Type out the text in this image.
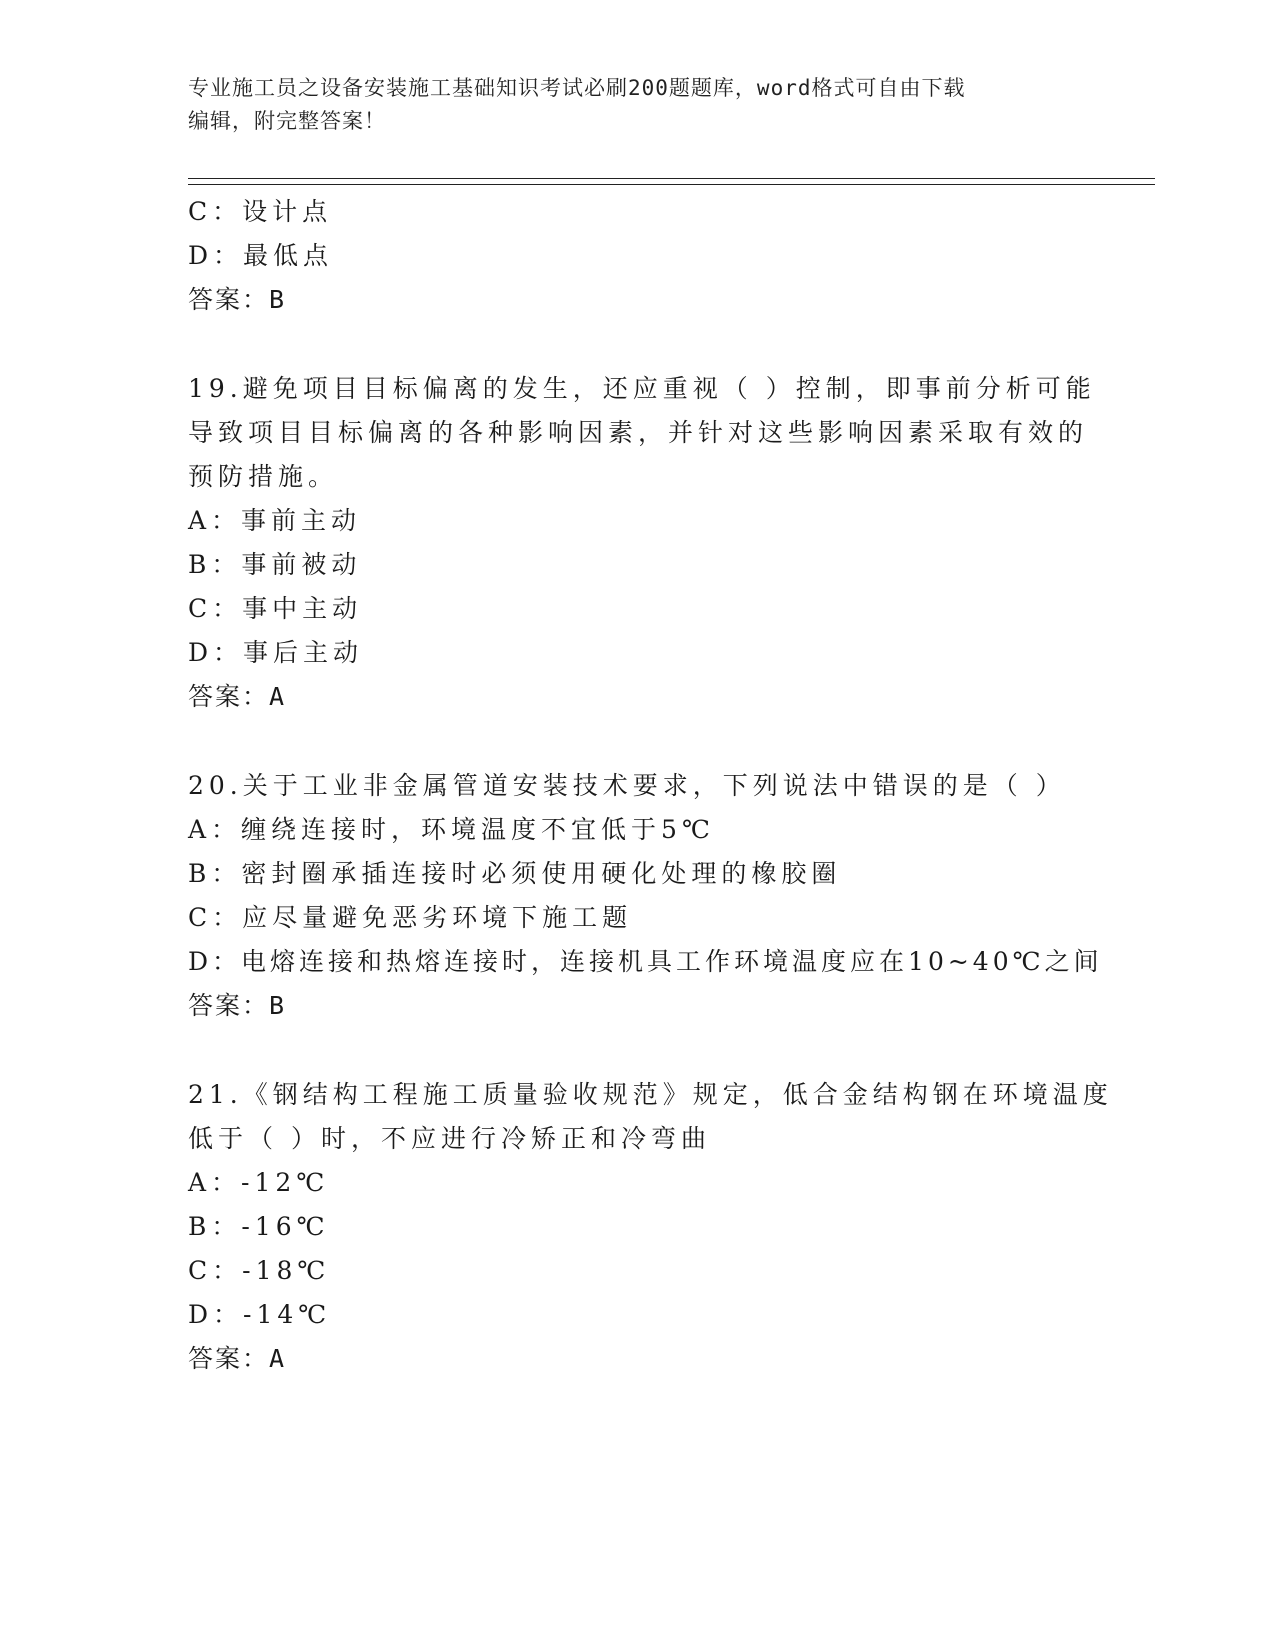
专业施工员之设备安装施工基础知识考试必刷200题题库，word格式可自由下载
编辑，附完整答案！
C：设计点
D：最低点
答案：B
19.避免项目目标偏离的发生，还应重视（ ）控制，即事前分析可能
导致项目目标偏离的各种影响因素，并针对这些影响因素采取有效的
预防措施。
A：事前主动
B：事前被动
C：事中主动
D：事后主动
答案：A
20.关于工业非金属管道安装技术要求，下列说法中错误的是（ ）
A：缠绕连接时，环境温度不宜低于5℃
B：密封圈承插连接时必须使用硬化处理的橡胶圈
C：应尽量避免恶劣环境下施工题
D：电熔连接和热熔连接时，连接机具工作环境温度应在10~40℃之间
答案：B
21.《钢结构工程施工质量验收规范》规定，低合金结构钢在环境温度
低于（ ）时，不应进行冷矫正和冷弯曲
A：-12℃
B：-16℃
C：-18℃
D：-14℃
答案：A
